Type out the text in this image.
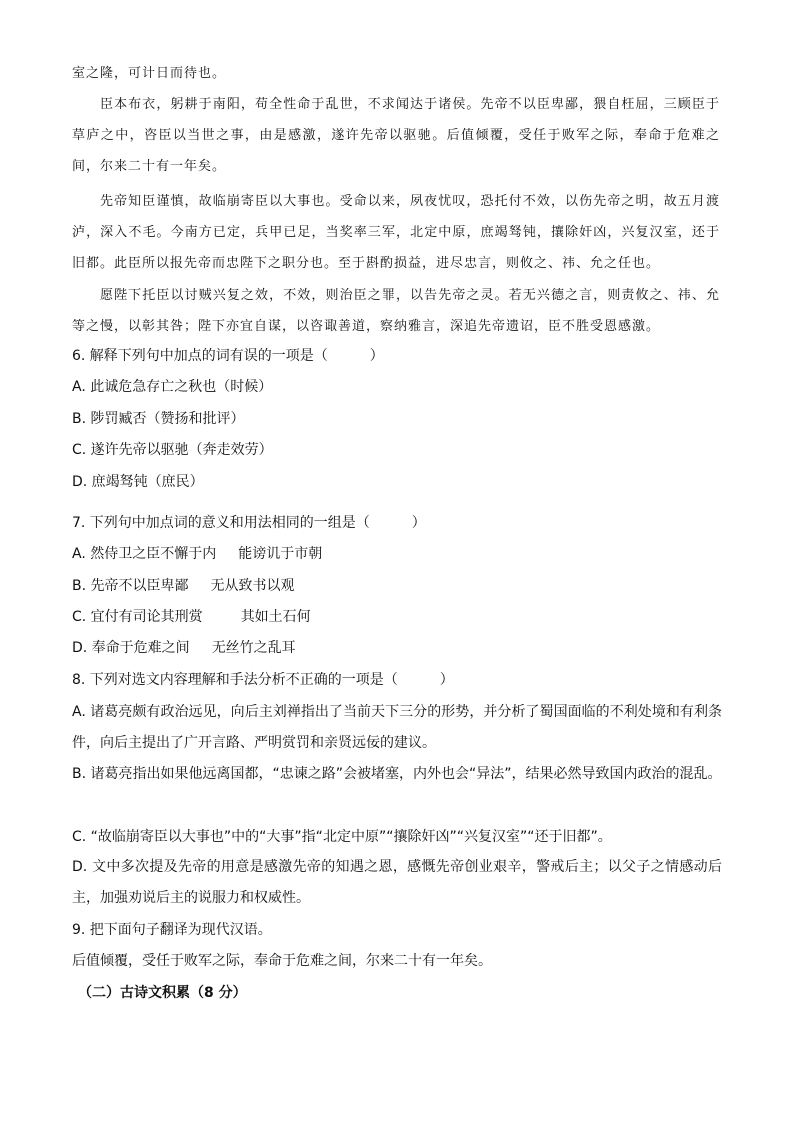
室之隆，可计日而待也。

臣本布衣，躬耕于南阳，苟全性命于乱世，不求闻达于诸侯。先帝不以臣卑鄙，猥自枉屈，三顾臣于草庐之中，咨臣以当世之事，由是感激，遂许先帝以驱驰。后值倾覆，受任于败军之际，奉命于危难之间，尔来二十有一年矣。

先帝知臣谨慎，故临崩寄臣以大事也。受命以来，夙夜忧叹，恐托付不效，以伤先帝之明，故五月渡泸，深入不毛。今南方已定，兵甲已足，当奖率三军，北定中原，庶竭驽钝，攘除奸凶，兴复汉室，还于旧都。此臣所以报先帝而忠陛下之职分也。至于斟酌损益，进尽忠言，则攸之、祎、允之任也。

愿陛下托臣以讨贼兴复之效，不效，则治臣之罪，以告先帝之灵。若无兴德之言，则责攸之、祎、允等之慢，以彰其咎；陛下亦宜自谋，以咨诹善道，察纳雅言，深追先帝遗诏，臣不胜受恩感激。

6. 解释下列句中加点的词有误的一项是（　　　）

A. 此诚危急存亡之秋也（时候）

B. 陟罚臧否（赞扬和批评）

C. 遂许先帝以驱驰（奔走效劳）

D. 庶竭驽钝（庶民）

7. 下列句中加点词的意义和用法相同的一组是（　　　）

A. 然侍卫之臣不懈于内 能谤讥于市朝

B. 先帝不以臣卑鄙 无从致书以观

C. 宜付有司论其刑赏	其如土石何

D. 奉命于危难之间 无丝竹之乱耳

8. 下列对选文内容理解和手法分析不正确的一项是（　　　）

A. 诸葛亮颇有政治远见，向后主刘禅指出了当前天下三分的形势，并分析了蜀国面临的不利处境和有利条件，向后主提出了广开言路、严明赏罚和亲贤远佞的建议。

B. 诸葛亮指出如果他远离国都，“忠谏之路”会被堵塞，内外也会“异法”，结果必然导致国内政治的混乱。

C. “故临崩寄臣以大事也”中的“大事”指“北定中原”“攘除奸凶”“兴复汉室”“还于旧都”。

D. 文中多次提及先帝的用意是感激先帝的知遇之恩，感慨先帝创业艰辛，警戒后主；以父子之情感动后主，加强劝说后主的说服力和权威性。

9. 把下面句子翻译为现代汉语。

后值倾覆，受任于败军之际，奉命于危难之间，尔来二十有一年矣。

（二）古诗文积累（8 分）
